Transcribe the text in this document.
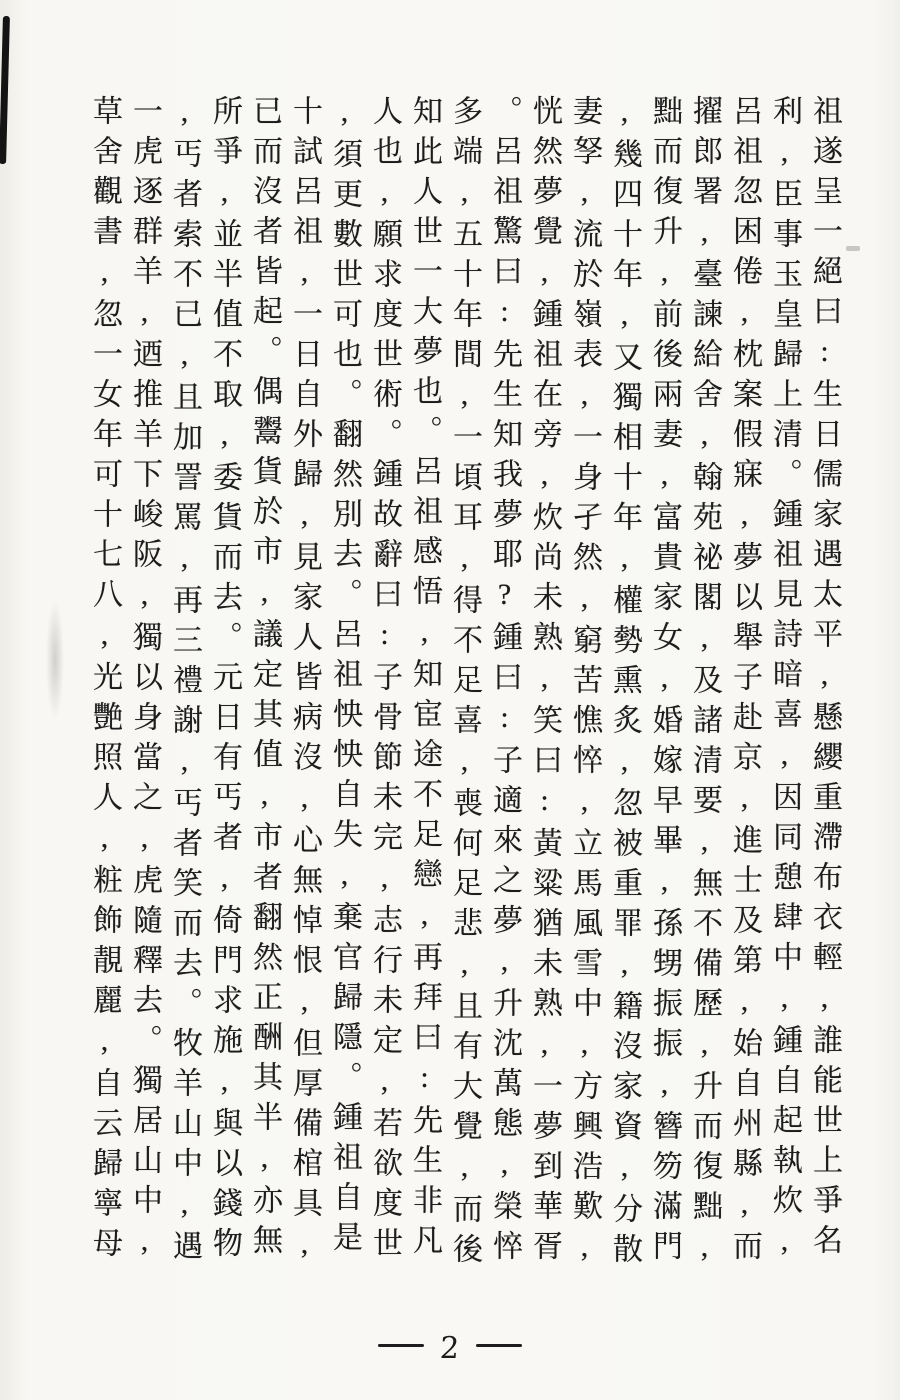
祖遂呈一絕曰:生日儒家遇太平,懸纓重滯布衣輕,誰能世上爭名
利,臣事玉皇歸上清。鍾祖見詩暗喜,因同憩肆中,鍾自起執炊,
呂祖忽困倦,枕案假寐,夢以舉子赴京,進士及第,始自州縣,而
擢郎署,臺諫給舍,翰苑祕閣,及諸清要,無不備歷,升而復黜,
黜而復升,前後兩妻,富貴家女,婚嫁早畢,孫甥振振,簪笏滿門
,幾四十年,又獨相十年,權勢熏炙,忽被重罪,籍沒家資,分散
妻孥,流於嶺表,一身孑然,窮苦憔悴,立馬風雪中,方興浩歎,
恍然夢覺,鍾祖在旁,炊尚未熟,笑曰:黃粱猶未熟,一夢到華胥
。呂祖驚曰:先生知我夢耶?鍾曰:子適來之夢,升沈萬態,榮悴
多端,五十年間,一頃耳,得不足喜,喪何足悲,且有大覺,而後
知此人世一大夢也。呂祖感悟,知宦途不足戀,再拜曰:先生非凡
人也,願求度世術。鍾故辭曰:子骨節未完,志行未定,若欲度世
,須更數世可也。翻然別去。呂祖怏怏自失,棄官歸隱。鍾祖自是
十試呂祖,一日自外歸,見家人皆病沒,心無悼恨,但厚備棺具,
已而沒者皆起。偶鬻貨於市,議定其值,市者翻然正酬其半,亦無
所爭,並半值不取,委貨而去。元日有丐者,倚門求施,與以錢物
,丐者索不已,且加詈罵,再三禮謝,丐者笑而去。牧羊山中,遇
一虎逐群羊,迺推羊下峻阪,獨以身當之,虎隨釋去。獨居山中,
草舍觀書,忽一女年可十七八,光艷照人,粧飾靚麗,自云歸寧母
2
